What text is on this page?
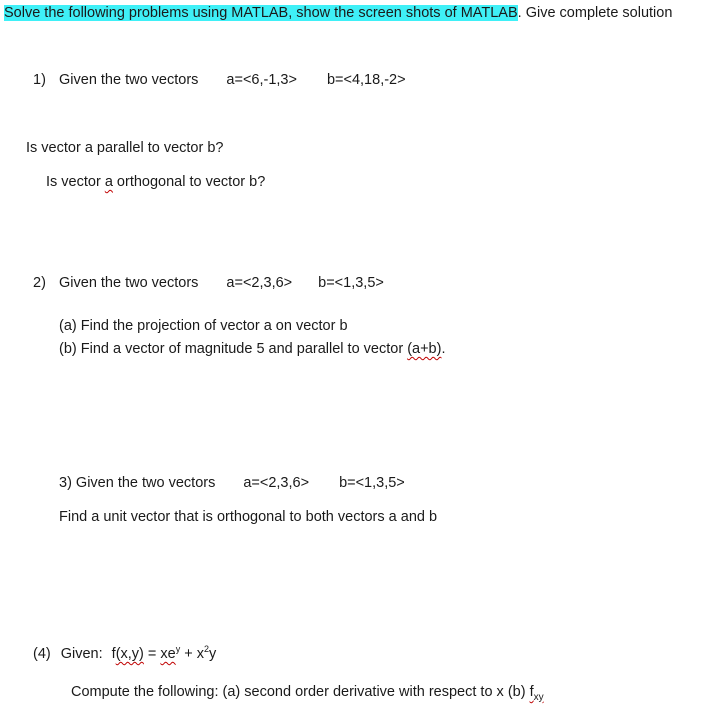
Solve the following problems using MATLAB, show the screen shots of MATLAB. Give complete solution
1) Given the two vectors a=<6,-1,3> b=<4,18,-2>
Is vector a parallel to vector b?
Is vector a orthogonal to vector b?
2) Given the two vectors a=<2,3,6> b=<1,3,5>
(a) Find the projection of vector a on vector b
(b) Find a vector of magnitude 5 and parallel to vector (a+b).
3) Given the two vectors a=<2,3,6> b=<1,3,5>
Find a unit vector that is orthogonal to both vectors a and b
(4) Given: $f(x,y) = xe^y + x^2y$
Compute the following: (a) second order derivative with respect to x (b) $f_{xy}$
